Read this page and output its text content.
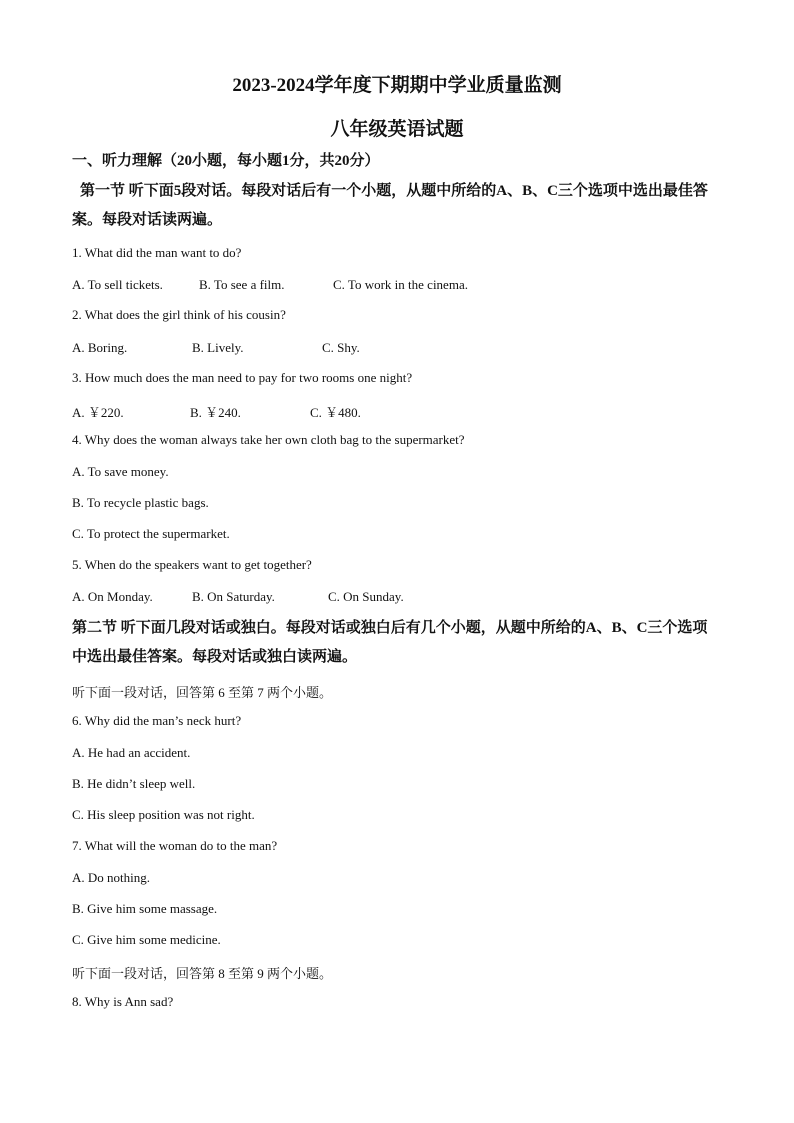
2023-2024学年度下期期中学业质量监测
八年级英语试题

一、听力理解（20小题，每小题1分，共20分）

第一节 听下面5段对话。每段对话后有一个小题，从题中所给的A、B、C三个选项中选出最佳答案。每段对话读两遍。

1. What did the man want to do?

A. To sell tickets.	B. To see a film.	C. To work in the cinema.

2. What does the girl think of his cousin?

A. Boring.	B. Lively.	C. Shy.

3. How much does the man need to pay for two rooms one night?

A. ￥220.	B. ￥240.	C. ￥480.

4. Why does the woman always take her own cloth bag to the supermarket?

A. To save money.

B. To recycle plastic bags.

C. To protect the supermarket.

5. When do the speakers want to get together?

A. On Monday.	B. On Saturday.	C. On Sunday.

第二节 听下面几段对话或独白。每段对话或独白后有几个小题，从题中所给的A、B、C三个选项中选出最佳答案。每段对话或独白读两遍。

听下面一段对话，回答第 6 至第 7 两个小题。

6. Why did the man’s neck hurt?

A. He had an accident.

B. He didn’t sleep well.

C. His sleep position was not right.

7. What will the woman do to the man?

A. Do nothing.

B. Give him some massage.

C. Give him some medicine.

听下面一段对话，回答第 8 至第 9 两个小题。

8. Why is Ann sad?
